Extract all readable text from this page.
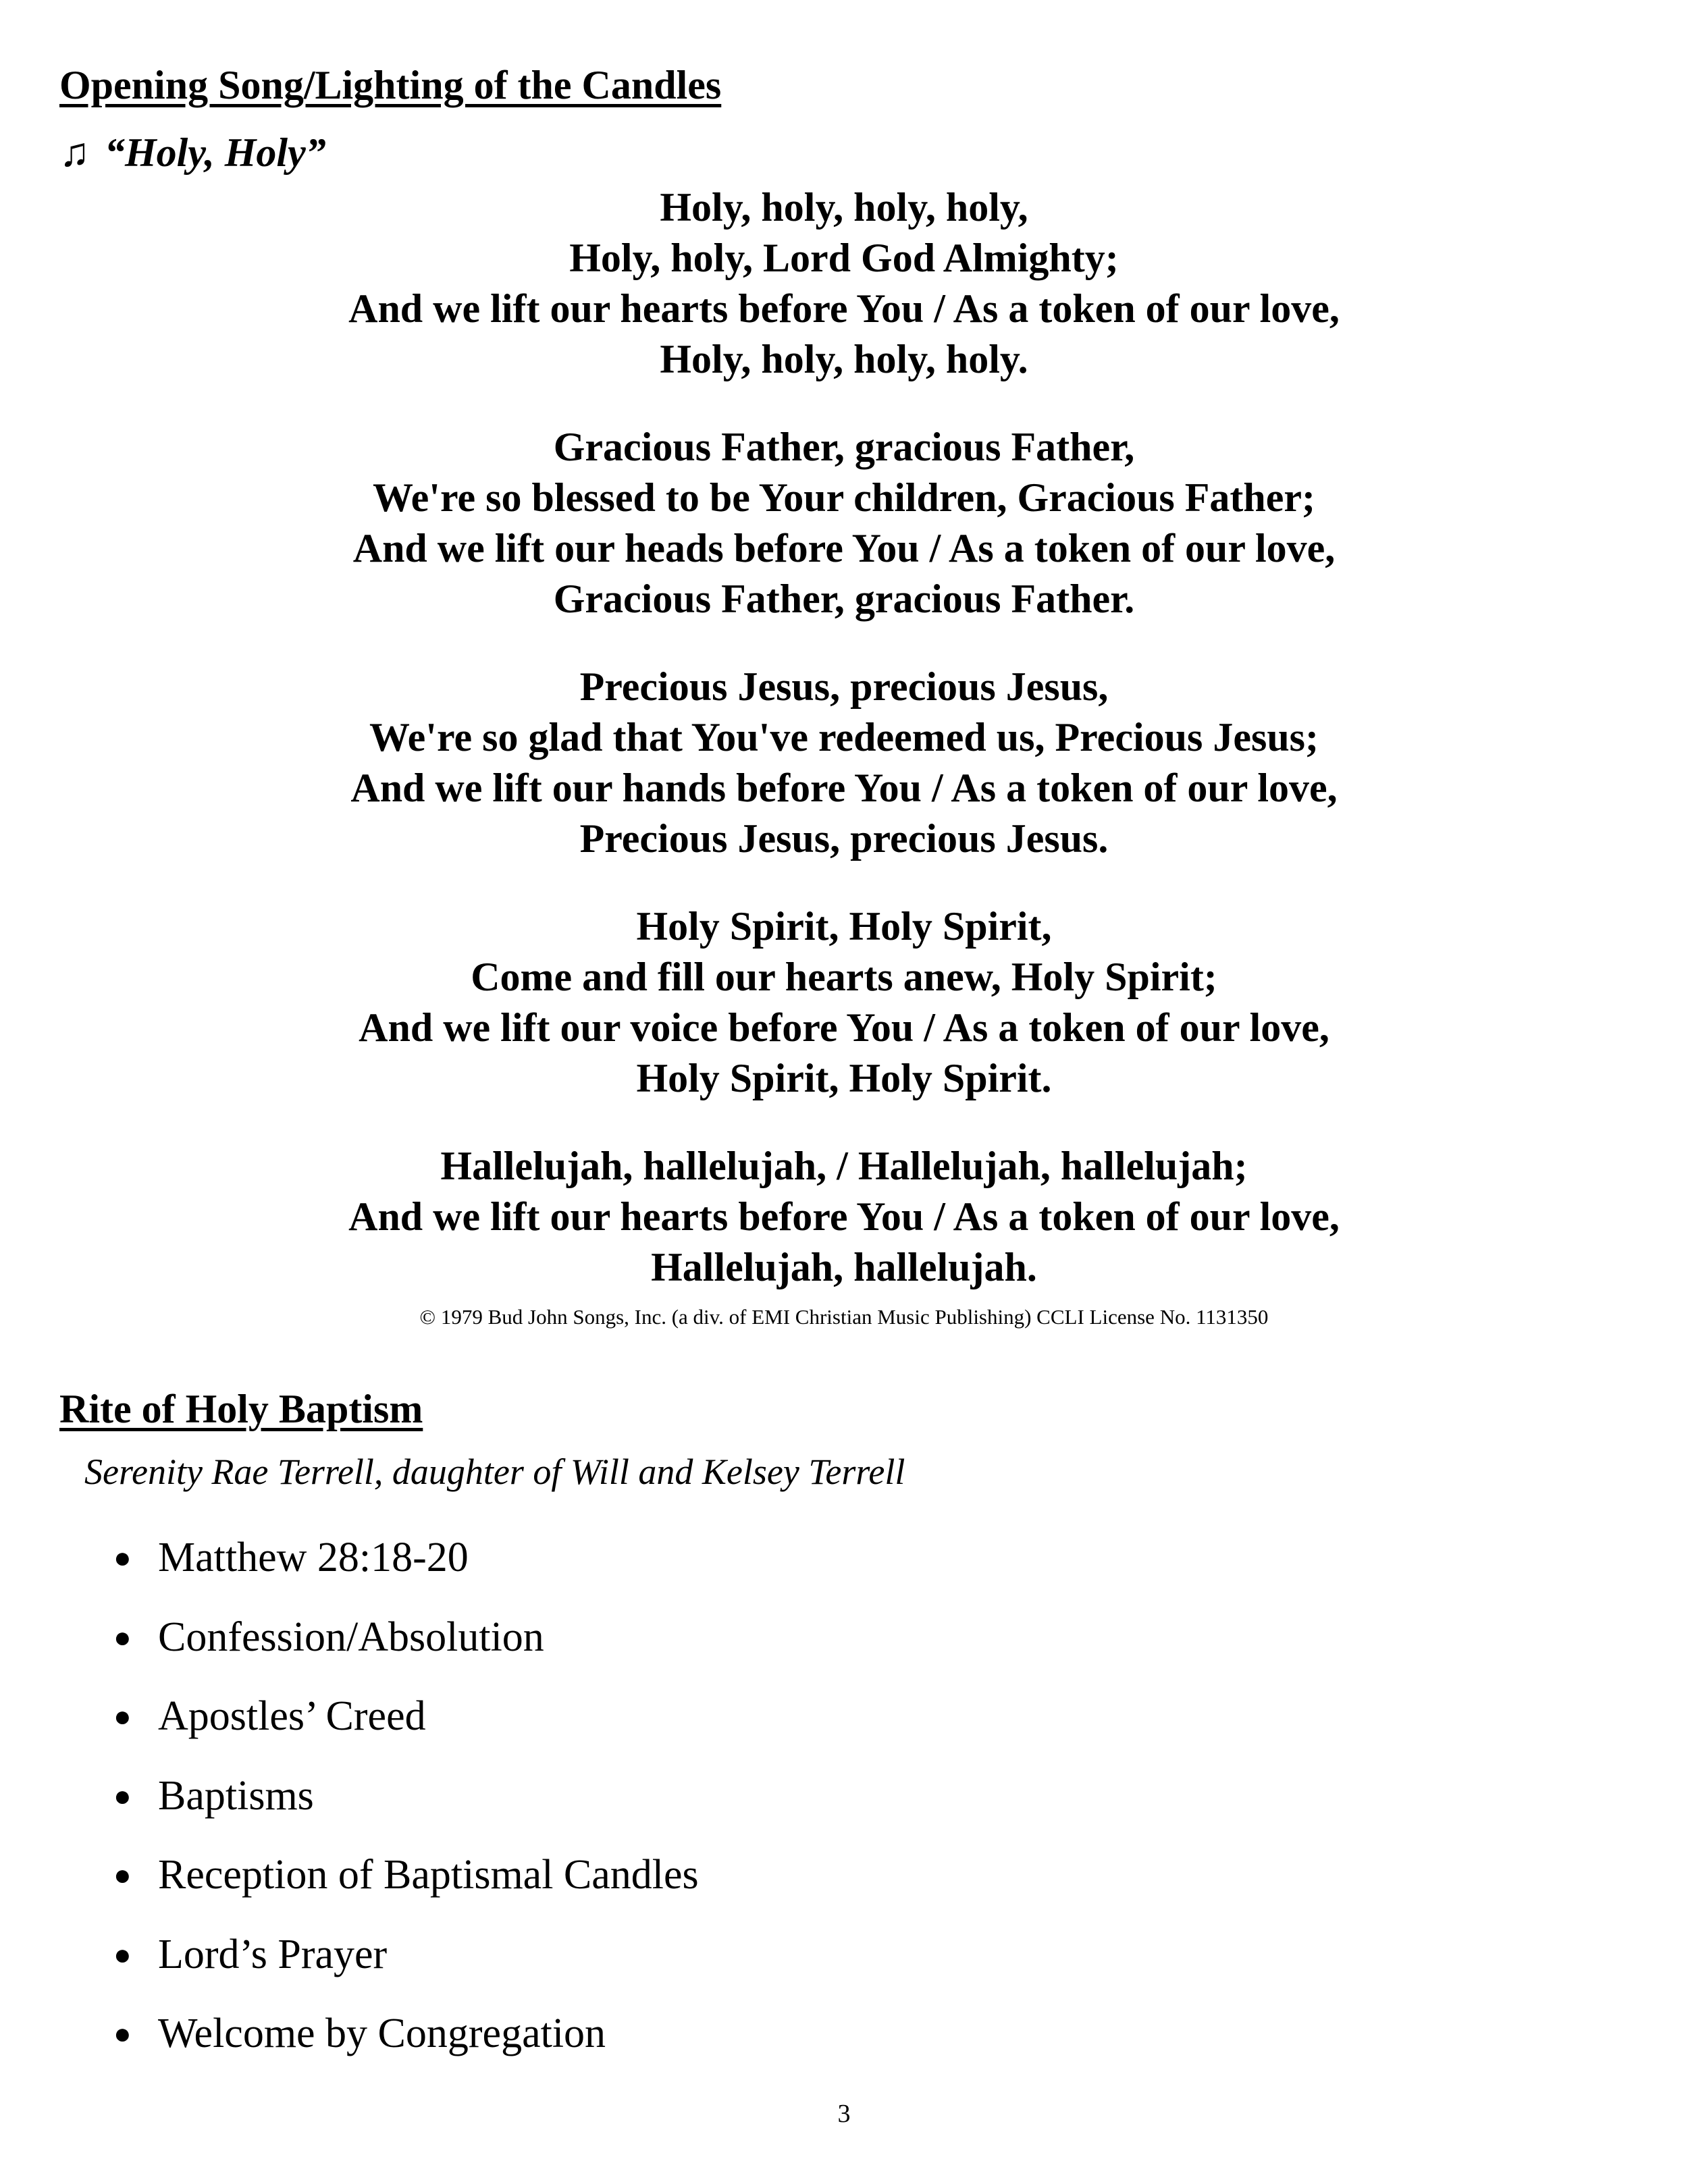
Opening Song/Lighting of the Candles
♫ “Holy, Holy”
Holy, holy, holy, holy,
Holy, holy, Lord God Almighty;
And we lift our hearts before You / As a token of our love,
Holy, holy, holy, holy.
Gracious Father, gracious Father,
We're so blessed to be Your children, Gracious Father;
And we lift our heads before You / As a token of our love,
Gracious Father, gracious Father.
Precious Jesus, precious Jesus,
We're so glad that You've redeemed us, Precious Jesus;
And we lift our hands before You / As a token of our love,
Precious Jesus, precious Jesus.
Holy Spirit, Holy Spirit,
Come and fill our hearts anew, Holy Spirit;
And we lift our voice before You / As a token of our love,
Holy Spirit, Holy Spirit.
Hallelujah, hallelujah, / Hallelujah, hallelujah;
And we lift our hearts before You / As a token of our love,
Hallelujah, hallelujah.
© 1979 Bud John Songs, Inc. (a div. of EMI Christian Music Publishing) CCLI License No. 1131350
Rite of Holy Baptism
Serenity Rae Terrell, daughter of Will and Kelsey Terrell
● Matthew 28:18-20
● Confession/Absolution
● Apostles’ Creed
● Baptisms
● Reception of Baptismal Candles
● Lord’s Prayer
● Welcome by Congregation
3
